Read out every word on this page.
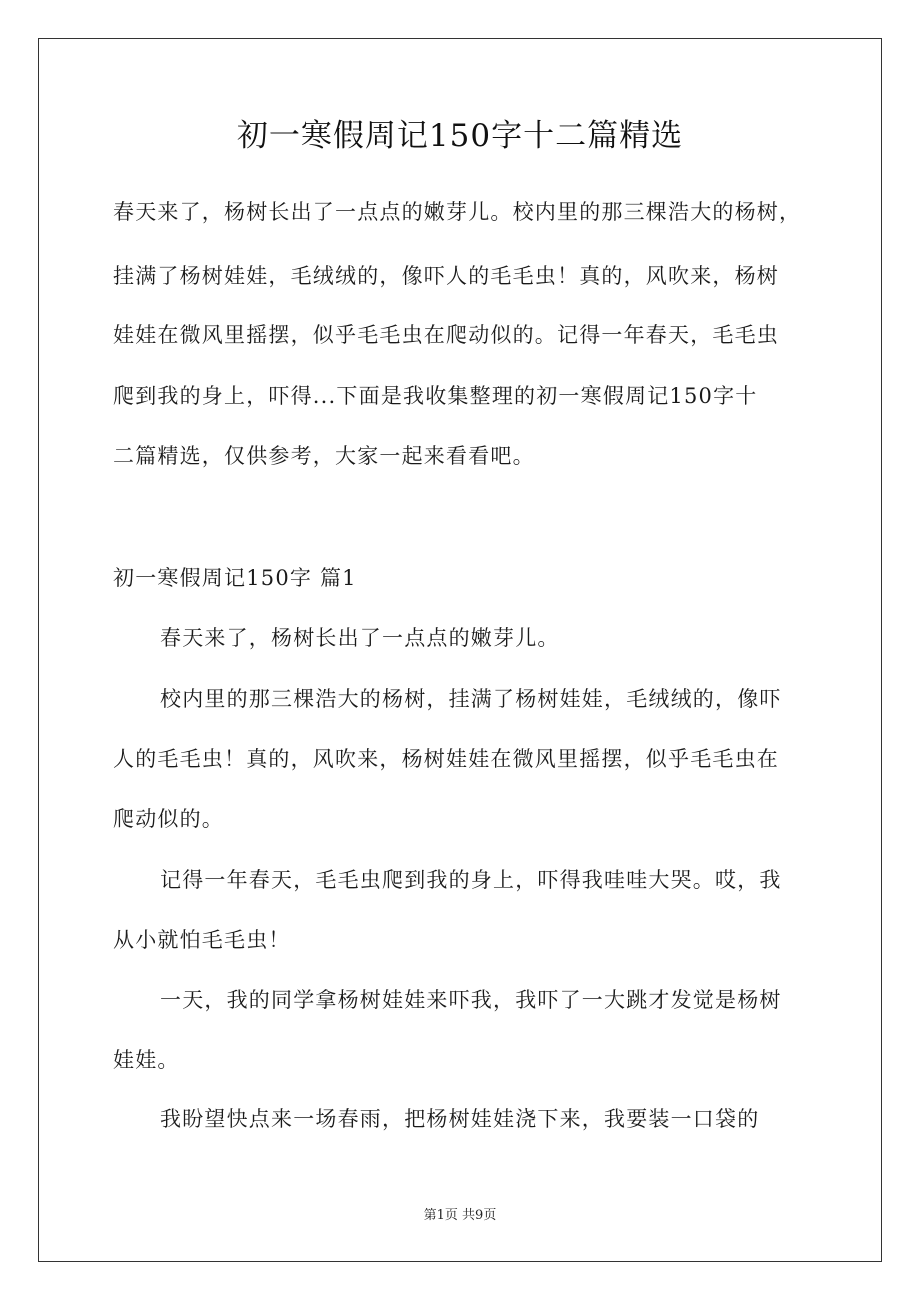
初一寒假周记150字十二篇精选
春天来了，杨树长出了一点点的嫩芽儿。校内里的那三棵浩大的杨树，
挂满了杨树娃娃，毛绒绒的，像吓人的毛毛虫！真的，风吹来，杨树
娃娃在微风里摇摆，似乎毛毛虫在爬动似的。记得一年春天，毛毛虫
爬到我的身上，吓得...下面是我收集整理的初一寒假周记150字十
二篇精选，仅供参考，大家一起来看看吧。
初一寒假周记150字 篇1
春天来了，杨树长出了一点点的嫩芽儿。
校内里的那三棵浩大的杨树，挂满了杨树娃娃，毛绒绒的，像吓
人的毛毛虫！真的，风吹来，杨树娃娃在微风里摇摆，似乎毛毛虫在
爬动似的。
记得一年春天，毛毛虫爬到我的身上，吓得我哇哇大哭。哎，我
从小就怕毛毛虫！
一天，我的同学拿杨树娃娃来吓我，我吓了一大跳才发觉是杨树
娃娃。
我盼望快点来一场春雨，把杨树娃娃浇下来，我要装一口袋的
第1页 共9页
